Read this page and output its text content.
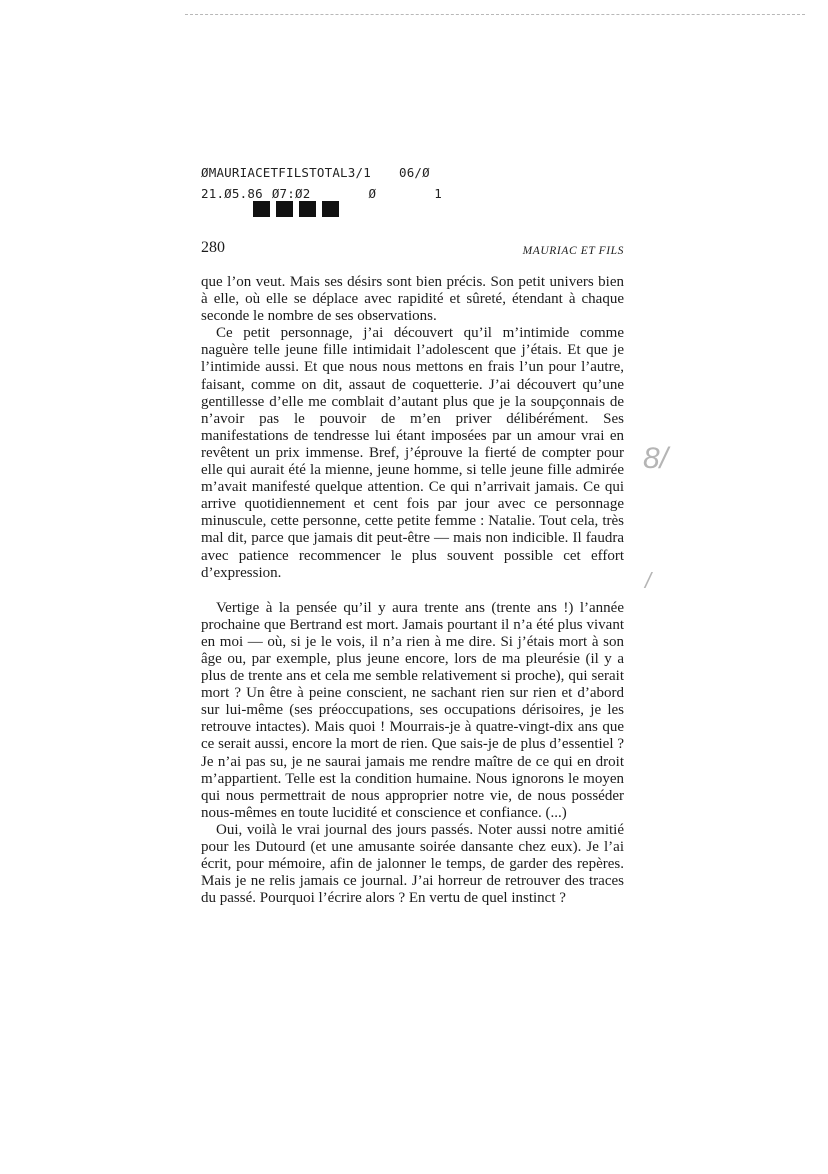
ØMAURIACETFILSTOTAL3/1 06/Ø
21.Ø5.86 Ø7:Ø2	Ø	1
280	MAURIAC ET FILS

que l’on veut. Mais ses désirs sont bien précis. Son petit univers bien à elle, où elle se déplace avec rapidité et sûreté, étendant à chaque seconde le nombre de ses observations.

Ce petit personnage, j’ai découvert qu’il m’intimide comme naguère telle jeune fille intimidait l’adolescent que j’étais. Et que je l’intimide aussi. Et que nous nous mettons en frais l’un pour l’autre, faisant, comme on dit, assaut de coquetterie. J’ai découvert qu’une gentillesse d’elle me comblait d’autant plus que je la soupçonnais de n’avoir pas le pouvoir de m’en priver délibérément. Ses manifestations de tendresse lui étant imposées par un amour vrai en revêtent un prix immense. Bref, j’éprouve la fierté de compter pour elle qui aurait été la mienne, jeune homme, si telle jeune fille admirée m’avait manifesté quelque attention. Ce qui n’arrivait jamais. Ce qui arrive quotidiennement et cent fois par jour avec ce personnage minuscule, cette personne, cette petite femme : Natalie. Tout cela, très mal dit, parce que jamais dit peut-être — mais non indicible. Il faudra avec patience recommencer le plus souvent possible cet effort d’expression.

Vertige à la pensée qu’il y aura trente ans (trente ans !) l’année prochaine que Bertrand est mort. Jamais pourtant il n’a été plus vivant en moi — où, si je le vois, il n’a rien à me dire. Si j’étais mort à son âge ou, par exemple, plus jeune encore, lors de ma pleurésie (il y a plus de trente ans et cela me semble relativement si proche), qui serait mort ? Un être à peine conscient, ne sachant rien sur rien et d’abord sur lui-même (ses préoccupations, ses occupations dérisoires, je les retrouve intactes). Mais quoi ! Mourrais-je à quatre-vingt-dix ans que ce serait aussi, encore la mort de rien. Que sais-je de plus d’essentiel ? Je n’ai pas su, je ne saurai jamais me rendre maître de ce qui en droit m’appartient. Telle est la condition humaine. Nous ignorons le moyen qui nous permettrait de nous approprier notre vie, de nous posséder nous-mêmes en toute lucidité et conscience et confiance. (...)

Oui, voilà le vrai journal des jours passés. Noter aussi notre amitié pour les Dutourd (et une amusante soirée dansante chez eux). Je l’ai écrit, pour mémoire, afin de jalonner le temps, de garder des repères. Mais je ne relis jamais ce journal. J’ai horreur de retrouver des traces du passé. Pourquoi l’écrire alors ? En vertu de quel instinct ?

8/
/
